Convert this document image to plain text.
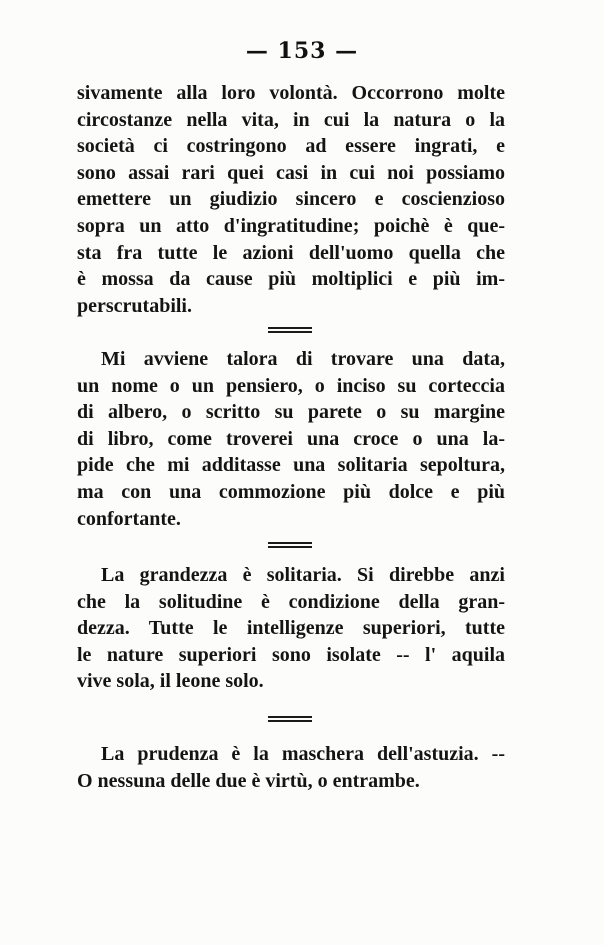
— 153 —
sivamente alla loro volontà. Occorrono molte
circostanze nella vita, in cui la natura o la
società ci costringono ad essere ingrati, e
sono assai rari quei casi in cui noi possiamo
emettere un giudizio sincero e coscienzioso
sopra un atto d'ingratitudine; poichè è que-
sta fra tutte le azioni dell'uomo quella che
è mossa da cause più moltiplici e più im-
perscrutabili.
Mi avviene talora di trovare una data,
un nome o un pensiero, o inciso su corteccia
di albero, o scritto su parete o su margine
di libro, come troverei una croce o una la-
pide che mi additasse una solitaria sepoltura,
ma con una commozione più dolce e più
confortante.
La grandezza è solitaria. Si direbbe anzi
che la solitudine è condizione della gran-
dezza. Tutte le intelligenze superiori, tutte
le nature superiori sono isolate -- l' aquila
vive sola, il leone solo.
La prudenza è la maschera dell'astuzia. --
O nessuna delle due è virtù, o entrambe.
